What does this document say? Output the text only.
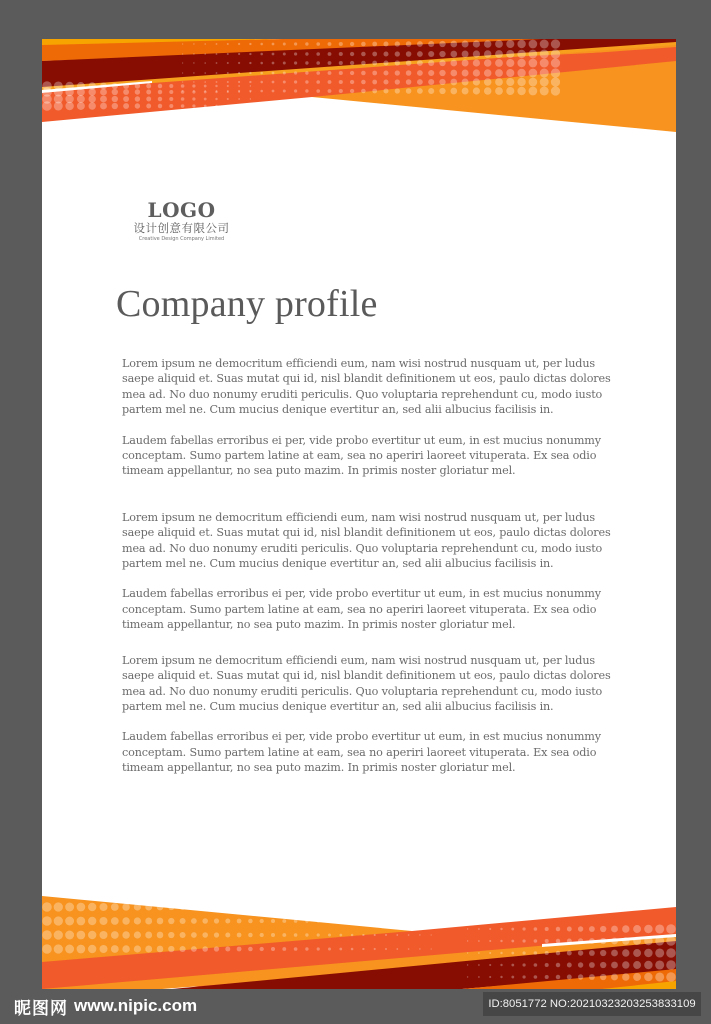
LOGO
设计创意有限公司
Creative Design Company Limited
Company profile

Lorem ipsum ne democritum efficiendi eum, nam wisi nostrud nusquam ut, per ludus saepe aliquid et. Suas mutat qui id, nisl blandit definitionem ut eos, paulo dictas dolores mea ad. No duo nonumy eruditi periculis. Quo voluptaria reprehendunt cu, modo iusto partem mel ne. Cum mucius denique evertitur an, sed alii albucius facilisis in.

Laudem fabellas erroribus ei per, vide probo evertitur ut eum, in est mucius nonummy conceptam. Sumo partem latine at eam, sea no aperiri laoreet vituperata. Ex sea odio timeam appellantur, no sea puto mazim. In primis noster gloriatur mel.

Lorem ipsum ne democritum efficiendi eum, nam wisi nostrud nusquam ut, per ludus saepe aliquid et. Suas mutat qui id, nisl blandit definitionem ut eos, paulo dictas dolores mea ad. No duo nonumy eruditi periculis. Quo voluptaria reprehendunt cu, modo iusto partem mel ne. Cum mucius denique evertitur an, sed alii albucius facilisis in.

Laudem fabellas erroribus ei per, vide probo evertitur ut eum, in est mucius nonummy conceptam. Sumo partem latine at eam, sea no aperiri laoreet vituperata. Ex sea odio timeam appellantur, no sea puto mazim. In primis noster gloriatur mel.

Lorem ipsum ne democritum efficiendi eum, nam wisi nostrud nusquam ut, per ludus saepe aliquid et. Suas mutat qui id, nisl blandit definitionem ut eos, paulo dictas dolores mea ad. No duo nonumy eruditi periculis. Quo voluptaria reprehendunt cu, modo iusto partem mel ne. Cum mucius denique evertitur an, sed alii albucius facilisis in.

Laudem fabellas erroribus ei per, vide probo evertitur ut eum, in est mucius nonummy conceptam. Sumo partem latine at eam, sea no aperiri laoreet vituperata. Ex sea odio timeam appellantur, no sea puto mazim. In primis noster gloriatur mel.

昵图网 www.nipic.com	ID:8051772 NO:20210323203253833109
